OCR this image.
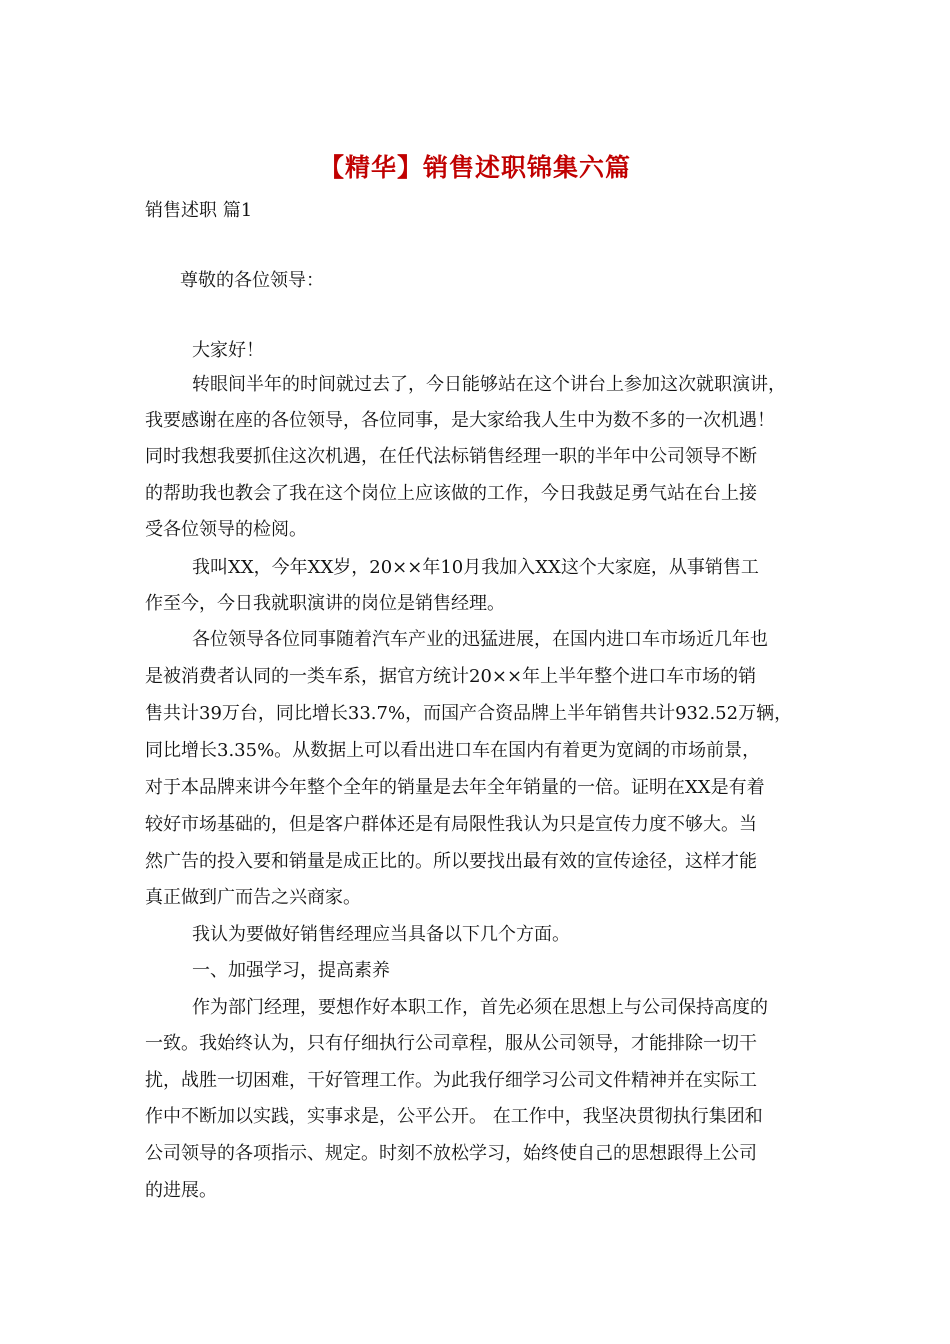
【精华】销售述职锦集六篇
销售述职 篇1
尊敬的各位领导：
大家好！
转眼间半年的时间就过去了，今日能够站在这个讲台上参加这次就职演讲，
我要感谢在座的各位领导，各位同事，是大家给我人生中为数不多的一次机遇！
同时我想我要抓住这次机遇，在任代法标销售经理一职的半年中公司领导不断
的帮助我也教会了我在这个岗位上应该做的工作，今日我鼓足勇气站在台上接
受各位领导的检阅。
我叫XX，今年XX岁，20××年10月我加入XX这个大家庭，从事销售工
作至今，今日我就职演讲的岗位是销售经理。
各位领导各位同事随着汽车产业的迅猛进展，在国内进口车市场近几年也
是被消费者认同的一类车系，据官方统计20××年上半年整个进口车市场的销
售共计39万台，同比增长33.7%，而国产合资品牌上半年销售共计932.52万辆，
同比增长3.35%。从数据上可以看出进口车在国内有着更为宽阔的市场前景，
对于本品牌来讲今年整个全年的销量是去年全年销量的一倍。证明在XX是有着
较好市场基础的，但是客户群体还是有局限性我认为只是宣传力度不够大。当
然广告的投入要和销量是成正比的。所以要找出最有效的宣传途径，这样才能
真正做到广而告之兴商家。
我认为要做好销售经理应当具备以下几个方面。
一、加强学习，提高素养
作为部门经理，要想作好本职工作，首先必须在思想上与公司保持高度的
一致。我始终认为，只有仔细执行公司章程，服从公司领导，才能排除一切干
扰，战胜一切困难，干好管理工作。为此我仔细学习公司文件精神并在实际工
作中不断加以实践，实事求是，公平公开。 在工作中，我坚决贯彻执行集团和
公司领导的各项指示、规定。时刻不放松学习，始终使自己的思想跟得上公司
的进展。
